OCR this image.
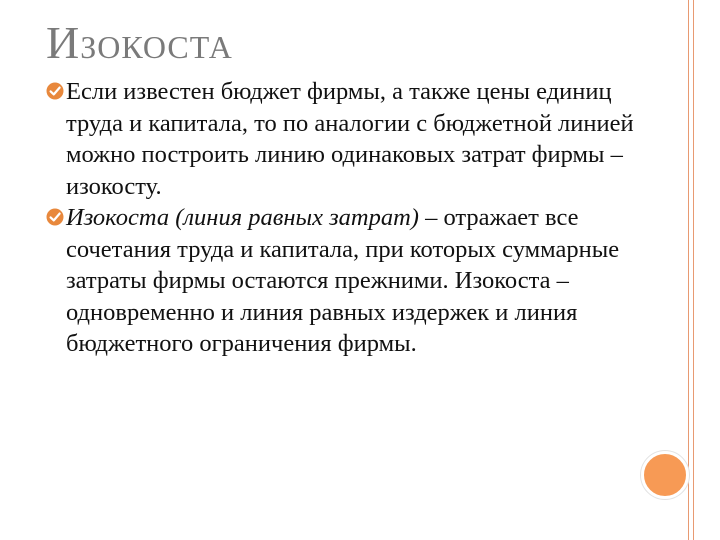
ИЗОКОСТА

Если известен бюджет фирмы, а также цены единиц труда и капитала, то по аналогии с бюджетной линией можно построить линию одинаковых затрат фирмы – изокосту.

Изокоста (линия равных затрат) – отражает все сочетания труда и капитала, при которых суммарные затраты фирмы остаются прежними. Изокоста – одновременно и линия равных издержек и линия бюджетного ограничения фирмы.
